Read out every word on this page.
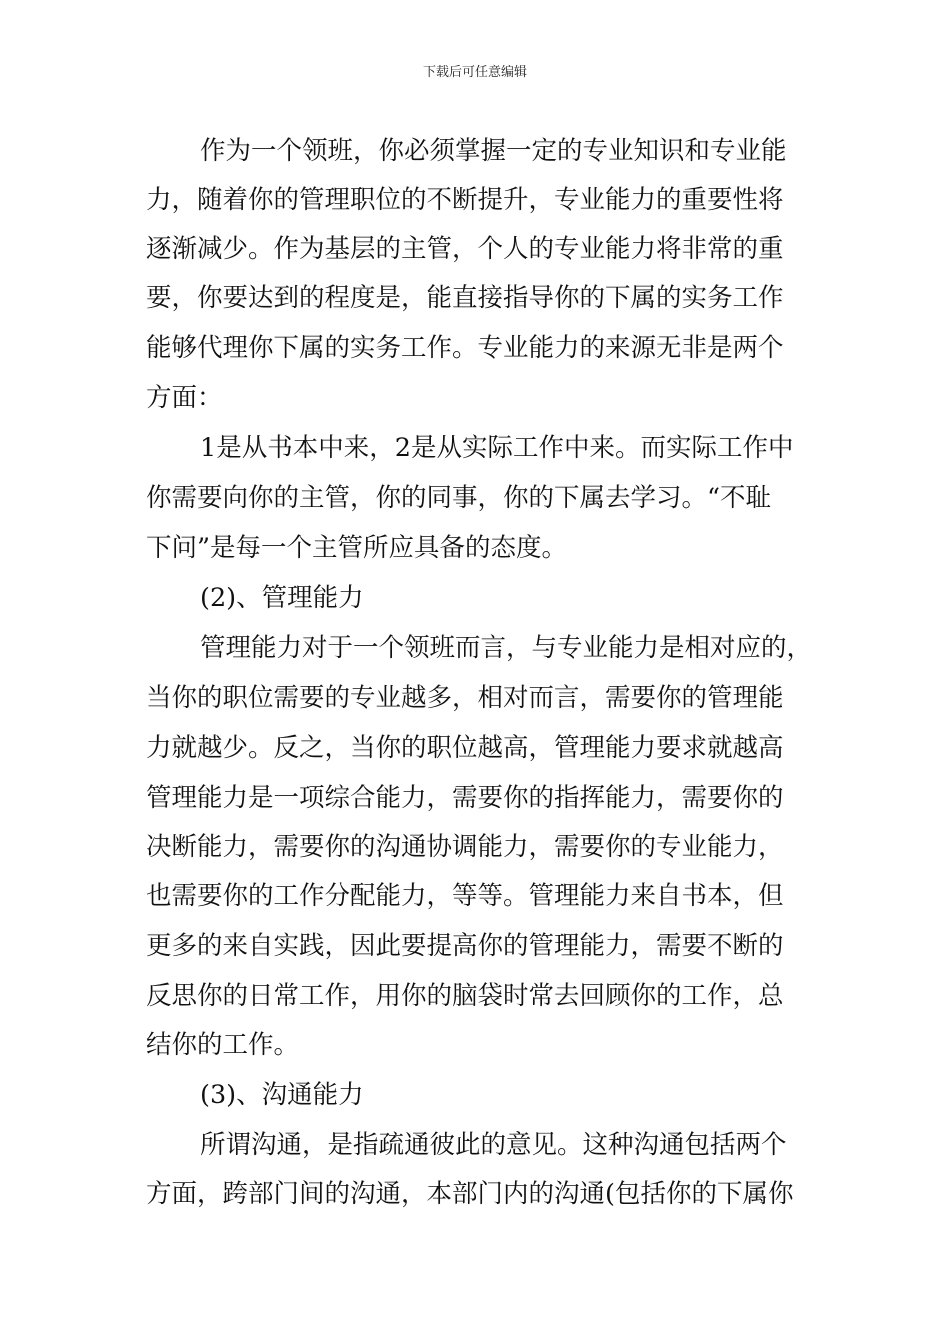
下载后可任意编辑
作为一个领班，你必须掌握一定的专业知识和专业能
力，随着你的管理职位的不断提升，专业能力的重要性将
逐渐减少。作为基层的主管，个人的专业能力将非常的重
要，你要达到的程度是，能直接指导你的下属的实务工作
能够代理你下属的实务工作。专业能力的来源无非是两个
方面：
1是从书本中来，2是从实际工作中来。而实际工作中
你需要向你的主管，你的同事，你的下属去学习。“不耻
下问”是每一个主管所应具备的态度。
(2)、管理能力
管理能力对于一个领班而言，与专业能力是相对应的，
当你的职位需要的专业越多，相对而言，需要你的管理能
力就越少。反之，当你的职位越高，管理能力要求就越高
管理能力是一项综合能力，需要你的指挥能力，需要你的
决断能力，需要你的沟通协调能力，需要你的专业能力，
也需要你的工作分配能力，等等。管理能力来自书本，但
更多的来自实践，因此要提高你的管理能力，需要不断的
反思你的日常工作，用你的脑袋时常去回顾你的工作，总
结你的工作。
(3)、沟通能力
所谓沟通，是指疏通彼此的意见。这种沟通包括两个
方面，跨部门间的沟通，本部门内的沟通(包括你的下属你
